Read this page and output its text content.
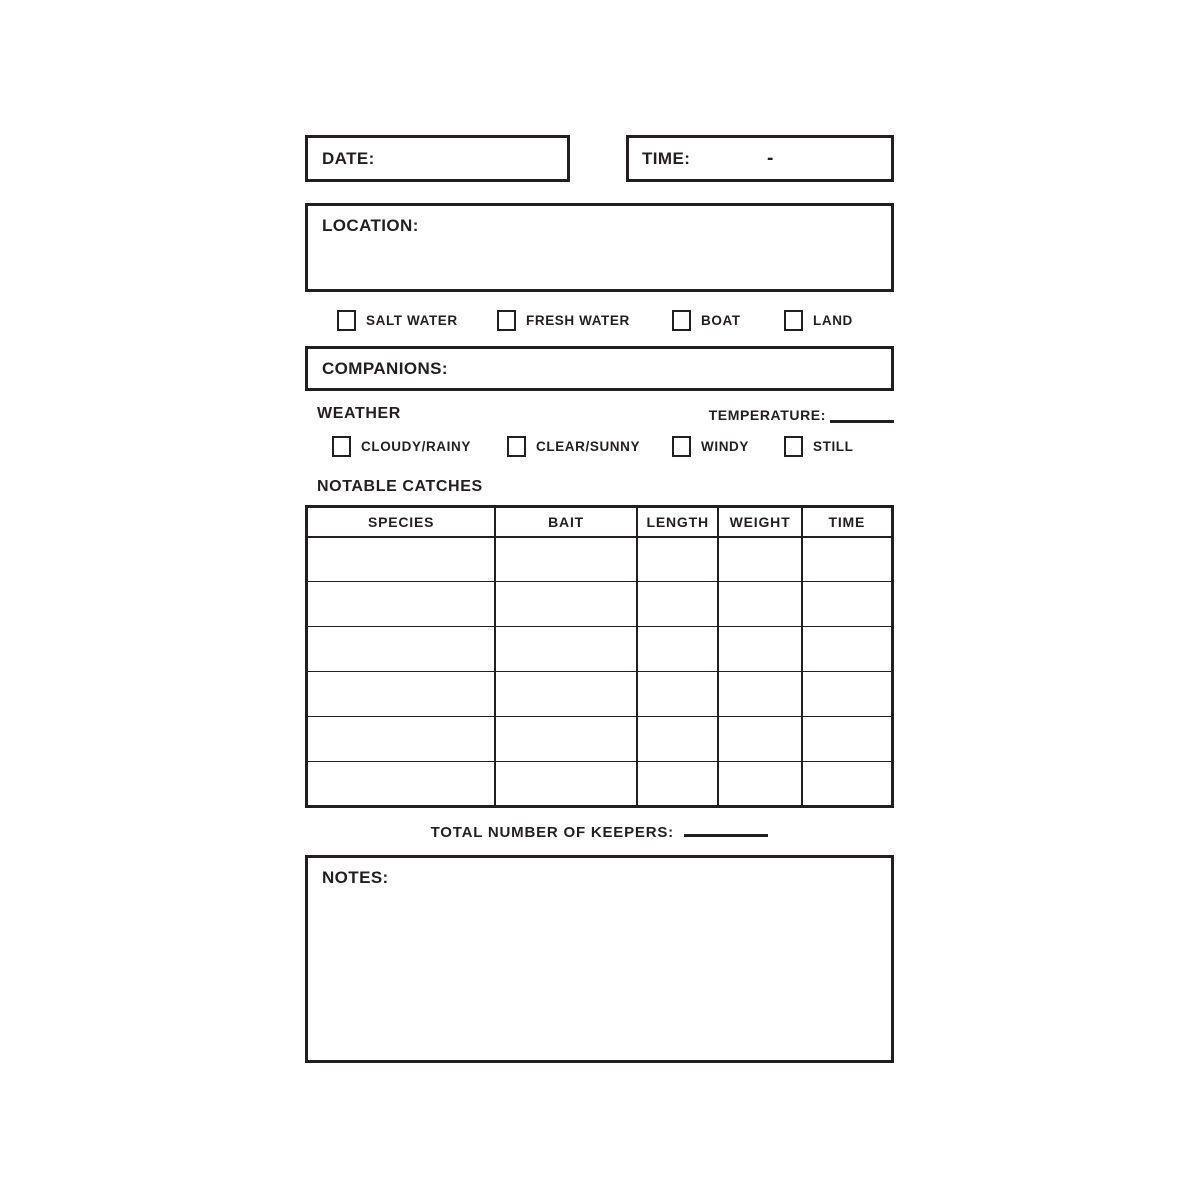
DATE:	TIME:	-
LOCATION:
SALT WATER	FRESH WATER	BOAT	LAND
COMPANIONS:
WEATHER	TEMPERATURE:
CLOUDY/RAINY	CLEAR/SUNNY	WINDY	STILL
NOTABLE CATCHES
SPECIES	BAIT	LENGTH	WEIGHT	TIME

TOTAL NUMBER OF KEEPERS:
NOTES:
